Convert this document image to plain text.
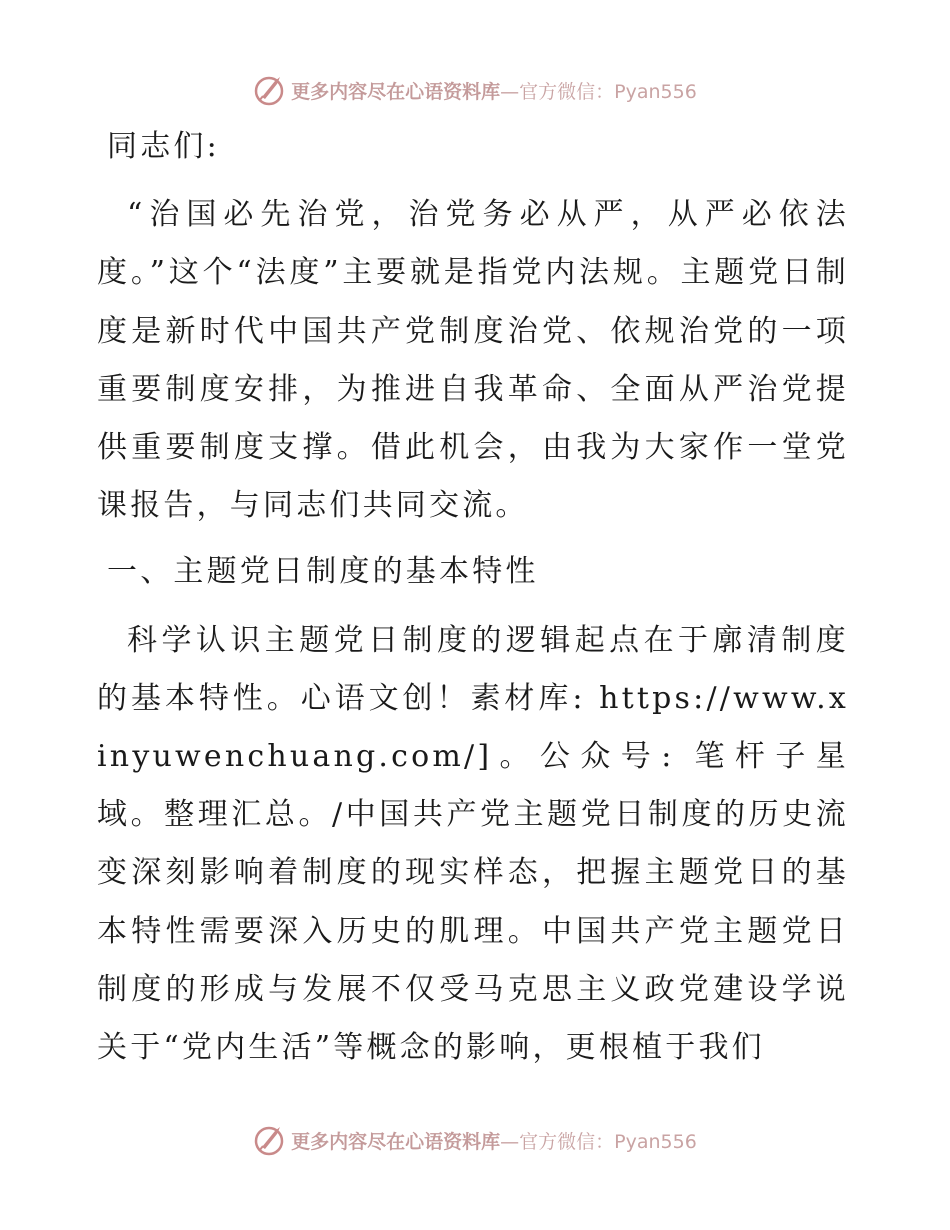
更多内容尽在心语资料库—官方微信：Pyan556

同志们:

“治国必先治党，治党务必从严，从严必依法度。”这个“法度”主要就是指党内法规。主题党日制度是新时代中国共产党制度治党、依规治党的一项重要制度安排，为推进自我革命、全面从严治党提供重要制度支撑。借此机会，由我为大家作一堂党课报告，与同志们共同交流。

一、主题党日制度的基本特性

科学认识主题党日制度的逻辑起点在于廓清制度的基本特性。心语文创！素材库: https://www.xinyuwenchuang.com/]。公众号: 笔杆子星域。整理汇总。/中国共产党主题党日制度的历史流变深刻影响着制度的现实样态，把握主题党日的基本特性需要深入历史的肌理。中国共产党主题党日制度的形成与发展不仅受马克思主义政党建设学说关于“党内生活”等概念的影响，更根植于我们

更多内容尽在心语资料库—官方微信：Pyan556
